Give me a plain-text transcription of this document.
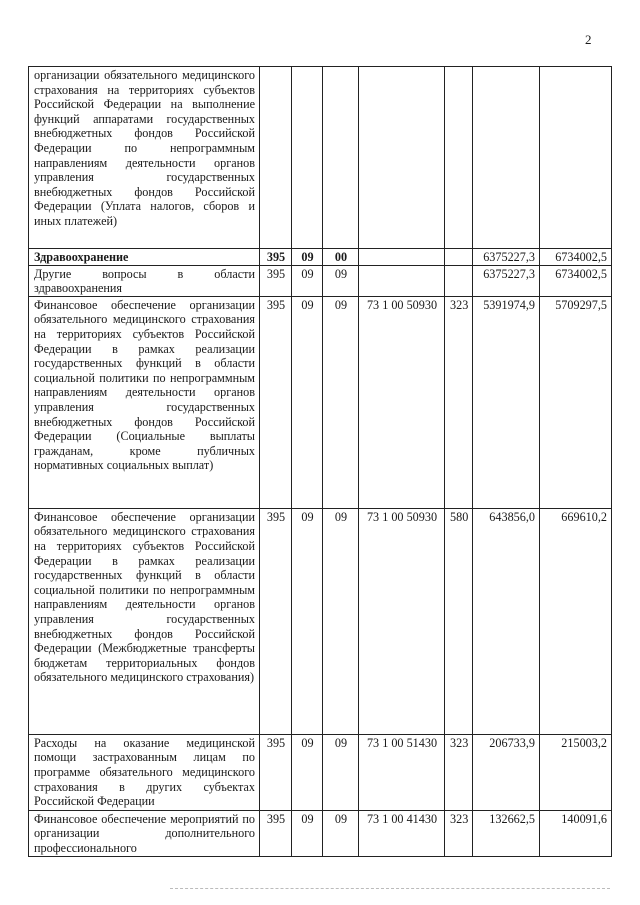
2
организации обязательного медицинского страхования на территориях субъектов Российской Федерации на выполнение функций аппаратами государственных внебюджетных фондов Российской Федерации по непрограммным направлениям деятельности органов управления государственных внебюджетных фондов Российской Федерации (Уплата налогов, сборов и иных платежей)							
Здравоохранение	395	09	00			6375227,3	6734002,5
Другие вопросы в области здравоохранения	395	09	09			6375227,3	6734002,5
Финансовое обеспечение организации обязательного медицинского страхования на территориях субъектов Российской Федерации в рамках реализации государственных функций в области социальной политики по непрограммным направлениям деятельности органов управления государственных внебюджетных фондов Российской Федерации (Социальные выплаты гражданам, кроме публичных нормативных социальных выплат)	395	09	09	73 1 00 50930	323	5391974,9	5709297,5
Финансовое обеспечение организации обязательного медицинского страхования на территориях субъектов Российской Федерации в рамках реализации государственных функций в области социальной политики по непрограммным направлениям деятельности органов управления государственных внебюджетных фондов Российской Федерации (Межбюджетные трансферты бюджетам территориальных фондов обязательного медицинского страхования)	395	09	09	73 1 00 50930	580	643856,0	669610,2
Расходы на оказание медицинской помощи застрахованным лицам по программе обязательного медицинского страхования в других субъектах Российской Федерации	395	09	09	73 1 00 51430	323	206733,9	215003,2
Финансовое обеспечение мероприятий по организации дополнительного профессионального	395	09	09	73 1 00 41430	323	132662,5	140091,6
